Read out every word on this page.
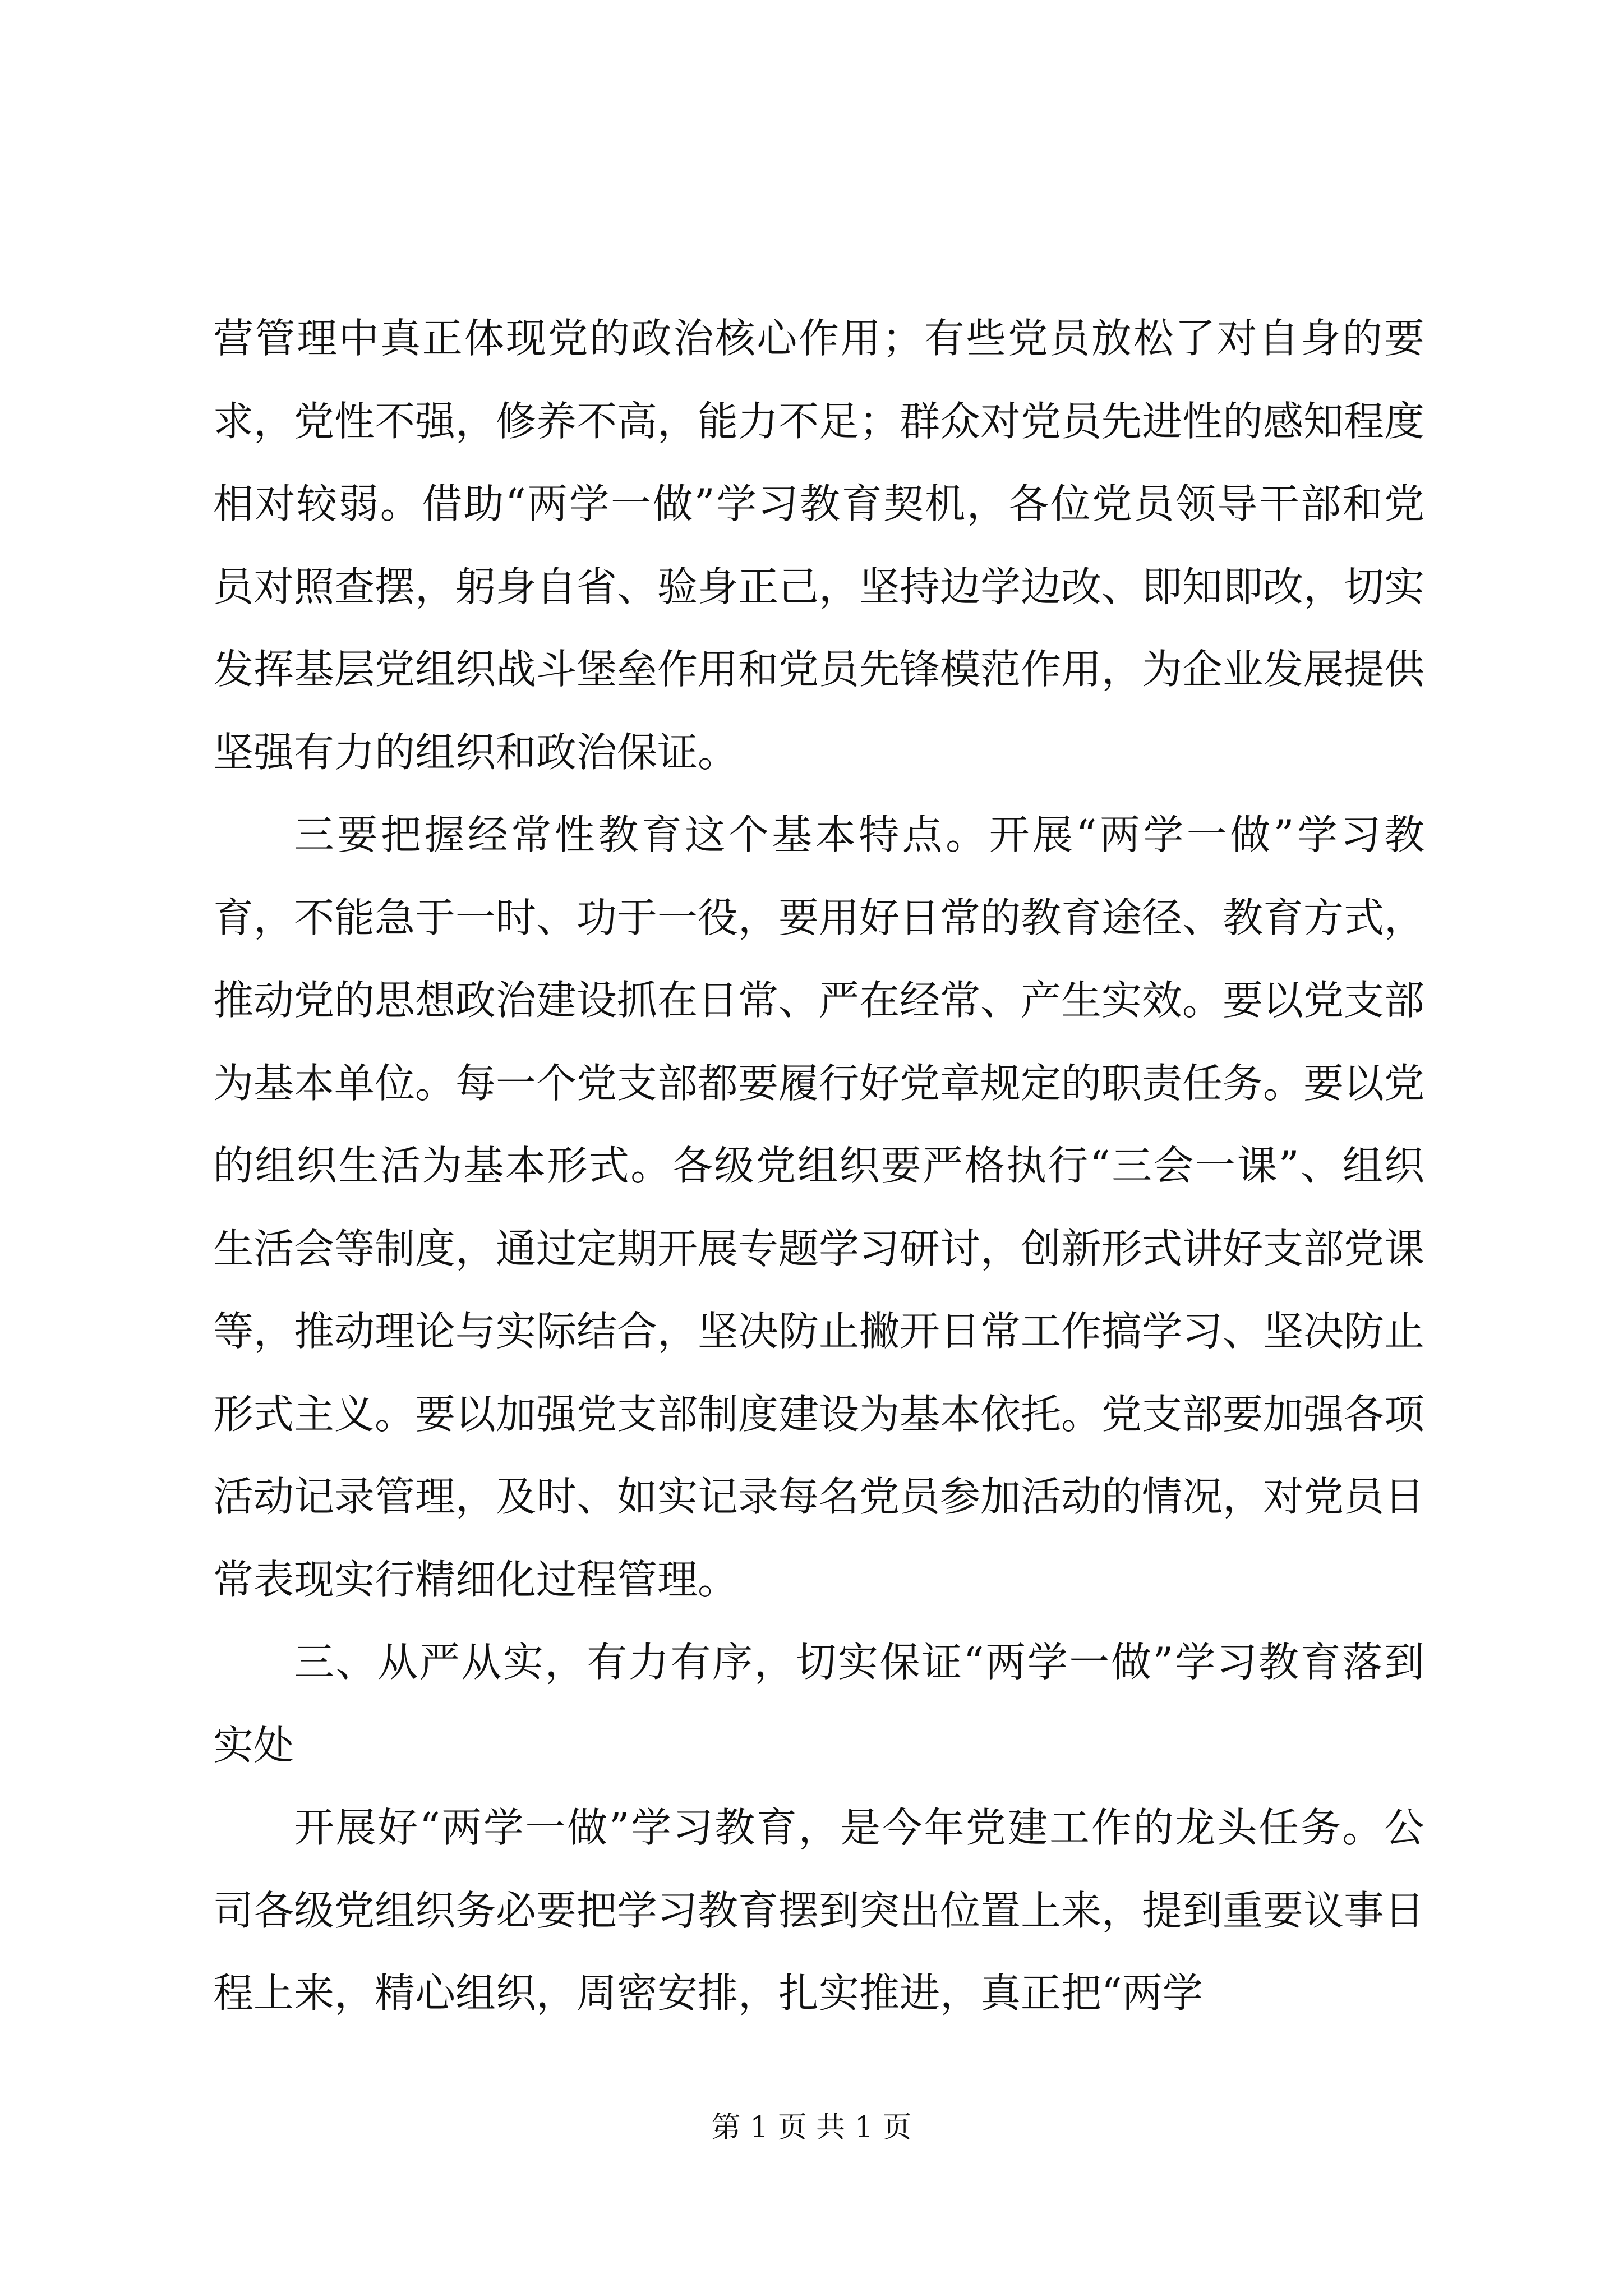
营管理中真正体现党的政治核心作用；有些党员放松了对自身的要求，党性不强，修养不高，能力不足；群众对党员先进性的感知程度相对较弱。借助“两学一做”学习教育契机，各位党员领导干部和党员对照查摆，躬身自省、验身正己，坚持边学边改、即知即改，切实发挥基层党组织战斗堡垒作用和党员先锋模范作用，为企业发展提供坚强有力的组织和政治保证。

三要把握经常性教育这个基本特点。开展“两学一做”学习教育，不能急于一时、功于一役，要用好日常的教育途径、教育方式，推动党的思想政治建设抓在日常、严在经常、产生实效。要以党支部为基本单位。每一个党支部都要履行好党章规定的职责任务。要以党的组织生活为基本形式。各级党组织要严格执行“三会一课”、组织生活会等制度，通过定期开展专题学习研讨，创新形式讲好支部党课等，推动理论与实际结合，坚决防止撇开日常工作搞学习、坚决防止形式主义。要以加强党支部制度建设为基本依托。党支部要加强各项活动记录管理，及时、如实记录每名党员参加活动的情况，对党员日常表现实行精细化过程管理。

三、从严从实，有力有序，切实保证“两学一做”学习教育落到实处

开展好“两学一做”学习教育，是今年党建工作的龙头任务。公司各级党组织务必要把学习教育摆到突出位置上来，提到重要议事日程上来，精心组织，周密安排，扎实推进，真正把“两学

第 1 页 共 1 页
